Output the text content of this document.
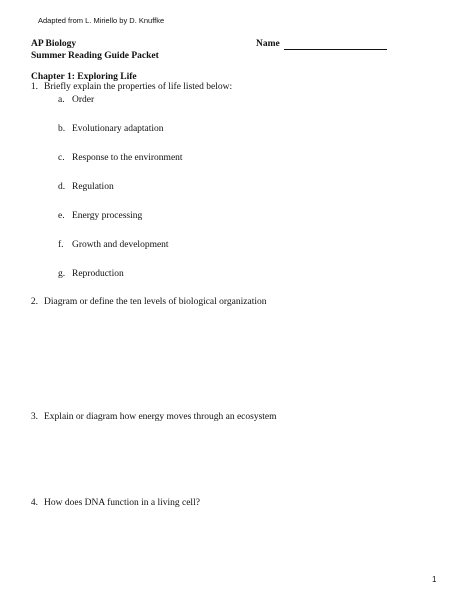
Adapted from L. Miriello by D. Knuffke
AP Biology
Summer Reading Guide Packet
Name
Chapter 1: Exploring Life
1. Briefly explain the properties of life listed below:
a. Order
b. Evolutionary adaptation
c. Response to the environment
d. Regulation
e. Energy processing
f. Growth and development
g. Reproduction
2. Diagram or define the ten levels of biological organization
3. Explain or diagram how energy moves through an ecosystem
4. How does DNA function in a living cell?
1
